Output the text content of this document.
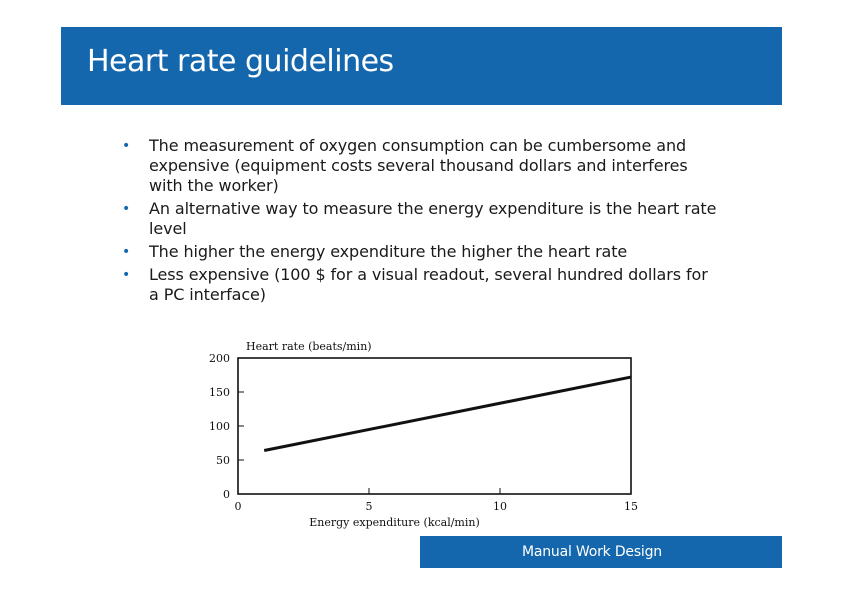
Heart rate guidelines
• The measurement of oxygen consumption can be cumbersome and expensive (equipment costs several thousand dollars and interferes with the worker)
• An alternative way to measure the energy expenditure is the heart rate level
• The higher the energy expenditure the higher the heart rate
• Less expensive (100 $ for a visual readout, several hundred dollars for a PC interface)
Heart rate (beats/min)
Energy expenditure (kcal/min)
0
50
100
150
200
0	5	10	15
Manual Work Design
